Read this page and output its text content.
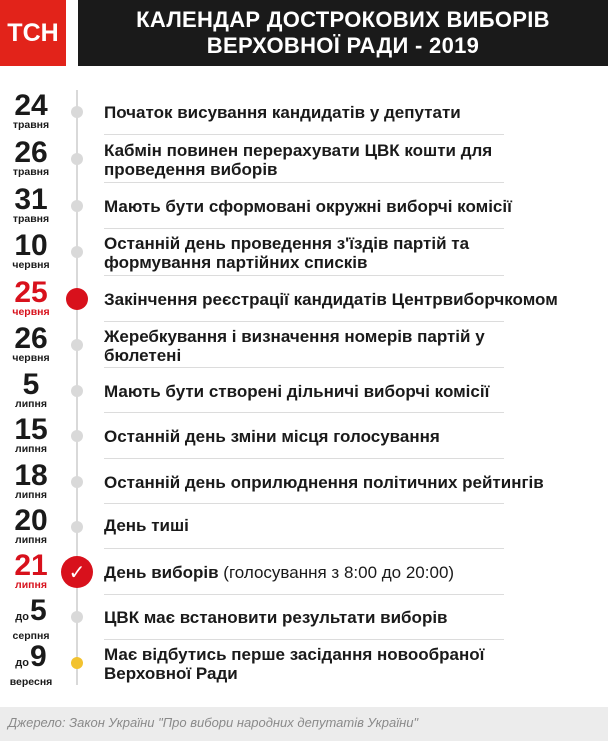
ТСН	КАЛЕНДАР ДОСТРОКОВИХ ВИБОРІВ
ВЕРХОВНОЇ РАДИ - 2019
24
травня
Початок висування кандидатів у депутати
26
травня
Кабмін повинен перерахувати ЦВК кошти для
проведення виборів
31
травня
Мають бути сформовані окружні виборчі комісії
10
червня
Останній день проведення з'їздів партій та
формування партійних списків
25
червня
Закінчення реєстрації кандидатів Центрвиборчкомом
26
червня
Жеребкування і визначення номерів партій у
бюлетені
5
липня
Мають бути створені дільничі виборчі комісії
15
липня
Останній день зміни місця голосування
18
липня
Останній день оприлюднення політичних рейтингів
20
липня
День тиші
21
липня
✓	День виборів (голосування з 8:00 до 20:00)
до5
серпня
ЦВК має встановити результати виборів
до9
вересня
Має відбутись перше засідання новообраної
Верховної Ради
Джерело: Закон України "Про вибори народних депутатів України"
